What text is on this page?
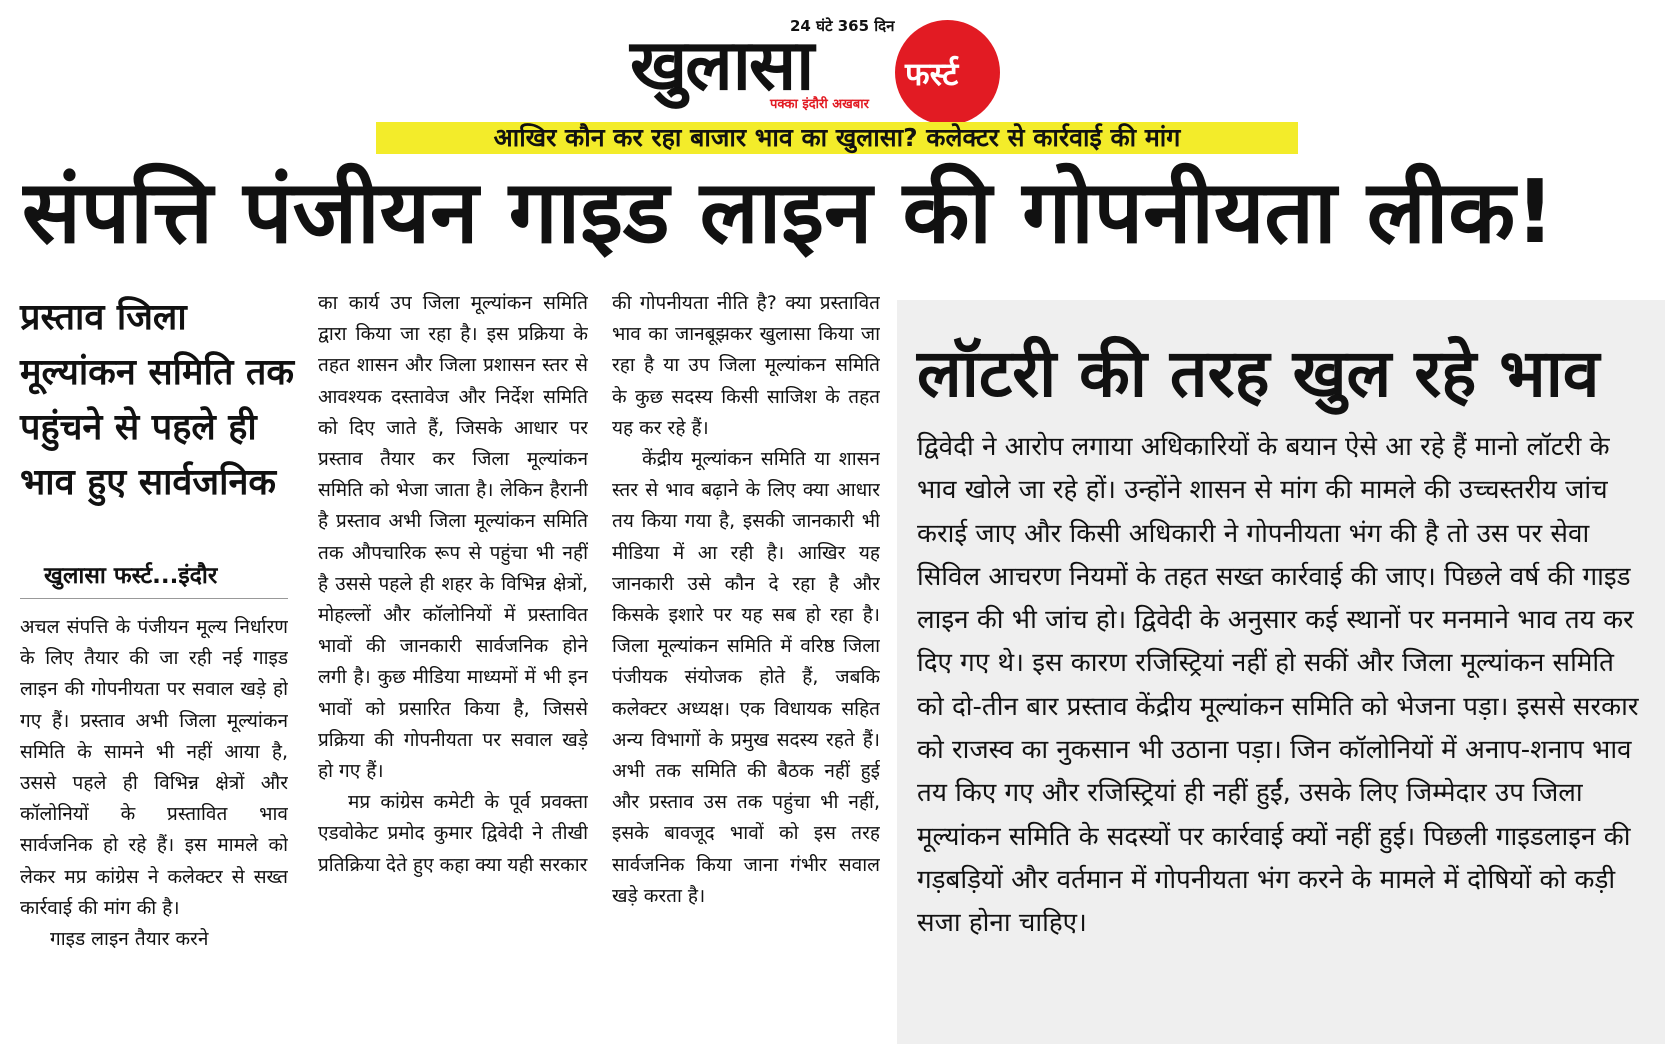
24 घंटे 365 दिन
खुलासा	फर्स्ट
पक्का इंदौरी अखबार
आखिर कौन कर रहा बाजार भाव का खुलासा? कलेक्टर से कार्रवाई की मांग
संपत्ति पंजीयन गाइड लाइन की गोपनीयता लीक!
प्रस्ताव जिला मूल्यांकन समिति तक पहुंचने से पहले ही भाव हुए सार्वजनिक
खुलासा फर्स्ट...इंदौर

अचल संपत्ति के पंजीयन मूल्य निर्धारण के लिए तैयार की जा रही नई गाइड लाइन की गोपनीयता पर सवाल खड़े हो गए हैं। प्रस्ताव अभी जिला मूल्यांकन समिति के सामने भी नहीं आया है, उससे पहले ही विभिन्न क्षेत्रों और कॉलोनियों के प्रस्तावित भाव सार्वजनिक हो रहे हैं। इस मामले को लेकर मप्र कांग्रेस ने कलेक्टर से सख्त कार्रवाई की मांग की है।

गाइड लाइन तैयार करने

का कार्य उप जिला मूल्यांकन समिति द्वारा किया जा रहा है। इस प्रक्रिया के तहत शासन और जिला प्रशासन स्तर से आवश्यक दस्तावेज और निर्देश समिति को दिए जाते हैं, जिसके आधार पर प्रस्ताव तैयार कर जिला मूल्यांकन समिति को भेजा जाता है। लेकिन हैरानी है प्रस्ताव अभी जिला मूल्यांकन समिति तक औपचारिक रूप से पहुंचा भी नहीं है उससे पहले ही शहर के विभिन्न क्षेत्रों, मोहल्लों और कॉलोनियों में प्रस्तावित भावों की जानकारी सार्वजनिक होने लगी है। कुछ मीडिया माध्यमों में भी इन भावों को प्रसारित किया है, जिससे प्रक्रिया की गोपनीयता पर सवाल खड़े हो गए हैं।

मप्र कांग्रेस कमेटी के पूर्व प्रवक्ता एडवोकेट प्रमोद कुमार द्विवेदी ने तीखी प्रतिक्रिया देते हुए कहा क्या यही सरकार

की गोपनीयता नीति है? क्या प्रस्तावित भाव का जानबूझकर खुलासा किया जा रहा है या उप जिला मूल्यांकन समिति के कुछ सदस्य किसी साजिश के तहत यह कर रहे हैं।

केंद्रीय मूल्यांकन समिति या शासन स्तर से भाव बढ़ाने के लिए क्या आधार तय किया गया है, इसकी जानकारी भी मीडिया में आ रही है। आखिर यह जानकारी उसे कौन दे रहा है और किसके इशारे पर यह सब हो रहा है। जिला मूल्यांकन समिति में वरिष्ठ जिला पंजीयक संयोजक होते हैं, जबकि कलेक्टर अध्यक्ष। एक विधायक सहित अन्य विभागों के प्रमुख सदस्य रहते हैं। अभी तक समिति की बैठक नहीं हुई और प्रस्ताव उस तक पहुंचा भी नहीं, इसके बावजूद भावों को इस तरह सार्वजनिक किया जाना गंभीर सवाल खड़े करता है।

लॉटरी की तरह खुल रहे भाव

द्विवेदी ने आरोप लगाया अधिकारियों के बयान ऐसे आ रहे हैं मानो लॉटरी के भाव खोले जा रहे हों। उन्होंने शासन से मांग की मामले की उच्चस्तरीय जांच कराई जाए और किसी अधिकारी ने गोपनीयता भंग की है तो उस पर सेवा सिविल आचरण नियमों के तहत सख्त कार्रवाई की जाए। पिछले वर्ष की गाइड लाइन की भी जांच हो। द्विवेदी के अनुसार कई स्थानों पर मनमाने भाव तय कर दिए गए थे। इस कारण रजिस्ट्रियां नहीं हो सकीं और जिला मूल्यांकन समिति को दो-तीन बार प्रस्ताव केंद्रीय मूल्यांकन समिति को भेजना पड़ा। इससे सरकार को राजस्व का नुकसान भी उठाना पड़ा। जिन कॉलोनियों में अनाप-शनाप भाव तय किए गए और रजिस्ट्रियां ही नहीं हुईं, उसके लिए जिम्मेदार उप जिला मूल्यांकन समिति के सदस्यों पर कार्रवाई क्यों नहीं हुई। पिछली गाइडलाइन की गड़बड़ियों और वर्तमान में गोपनीयता भंग करने के मामले में दोषियों को कड़ी सजा होना चाहिए।
